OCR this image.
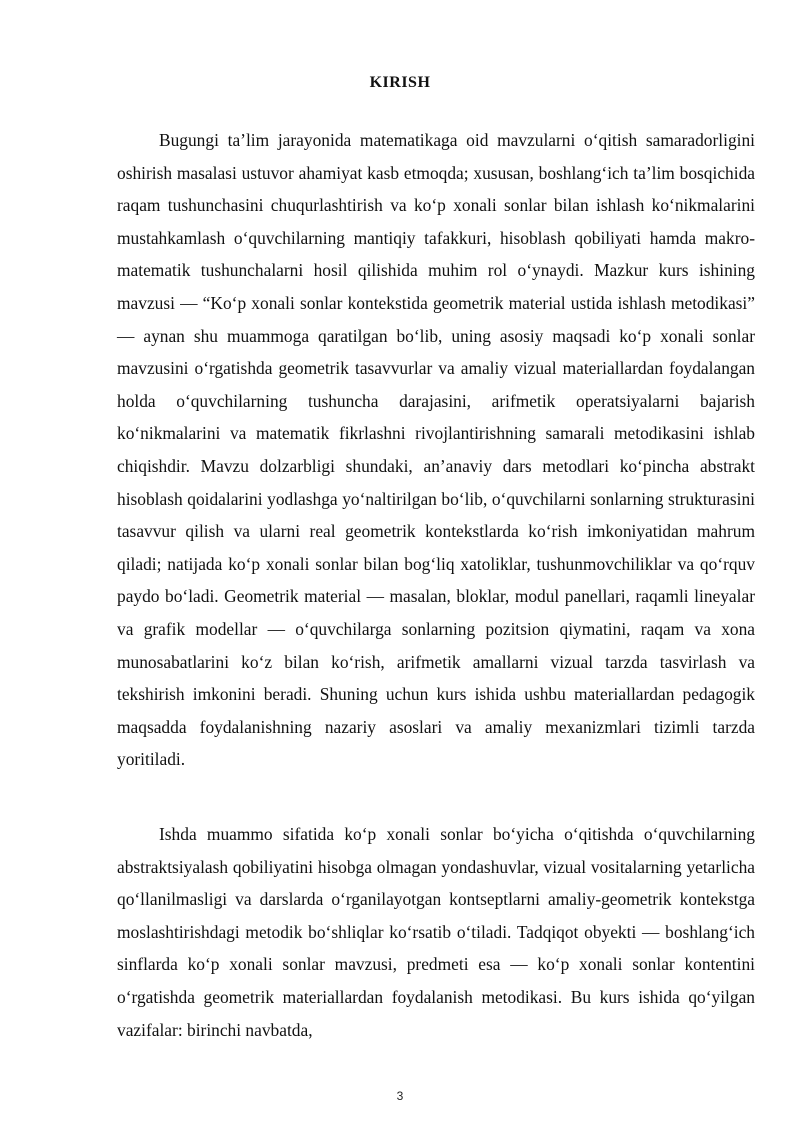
KIRISH

Bugungi ta’lim jarayonida matematikaga oid mavzularni o‘qitish samaradorligini oshirish masalasi ustuvor ahamiyat kasb etmoqda; xususan, boshlang‘ich ta’lim bosqichida raqam tushunchasini chuqurlashtirish va ko‘p xonali sonlar bilan ishlash ko‘nikmalarini mustahkamlash o‘quvchilarning mantiqiy tafakkuri, hisoblash qobiliyati hamda makro-matematik tushunchalarni hosil qilishida muhim rol o‘ynaydi. Mazkur kurs ishining mavzusi — “Ko‘p xonali sonlar kontekstida geometrik material ustida ishlash metodikasi” — aynan shu muammoga qaratilgan bo‘lib, uning asosiy maqsadi ko‘p xonali sonlar mavzusini o‘rgatishda geometrik tasavvurlar va amaliy vizual materiallardan foydalangan holda o‘quvchilarning tushuncha darajasini, arifmetik operatsiyalarni bajarish ko‘nikmalarini va matematik fikrlashni rivojlantirishning samarali metodikasini ishlab chiqishdir. Mavzu dolzarbligi shundaki, an’anaviy dars metodlari ko‘pincha abstrakt hisoblash qoidalarini yodlashga yo‘naltirilgan bo‘lib, o‘quvchilarni sonlarning strukturasini tasavvur qilish va ularni real geometrik kontekstlarda ko‘rish imkoniyatidan mahrum qiladi; natijada ko‘p xonali sonlar bilan bog‘liq xatoliklar, tushunmovchiliklar va qo‘rquv paydo bo‘ladi. Geometrik material — masalan, bloklar, modul panellari, raqamli lineyalar va grafik modellar — o‘quvchilarga sonlarning pozitsion qiymatini, raqam va xona munosabatlarini ko‘z bilan ko‘rish, arifmetik amallarni vizual tarzda tasvirlash va tekshirish imkonini beradi. Shuning uchun kurs ishida ushbu materiallardan pedagogik maqsadda foydalanishning nazariy asoslari va amaliy mexanizmlari tizimli tarzda yoritiladi.

Ishda muammo sifatida ko‘p xonali sonlar bo‘yicha o‘qitishda o‘quvchilarning abstraktsiyalash qobiliyatini hisobga olmagan yondashuvlar, vizual vositalarning yetarlicha qo‘llanilmasligi va darslarda o‘rganilayotgan kontseptlarni amaliy-geometrik kontekstga moslashtirishdagi metodik bo‘shliqlar ko‘rsatib o‘tiladi. Tadqiqot obyekti — boshlang‘ich sinflarda ko‘p xonali sonlar mavzusi, predmeti esa — ko‘p xonali sonlar kontentini o‘rgatishda geometrik materiallardan foydalanish metodikasi. Bu kurs ishida qo‘yilgan vazifalar: birinchi navbatda,

3
